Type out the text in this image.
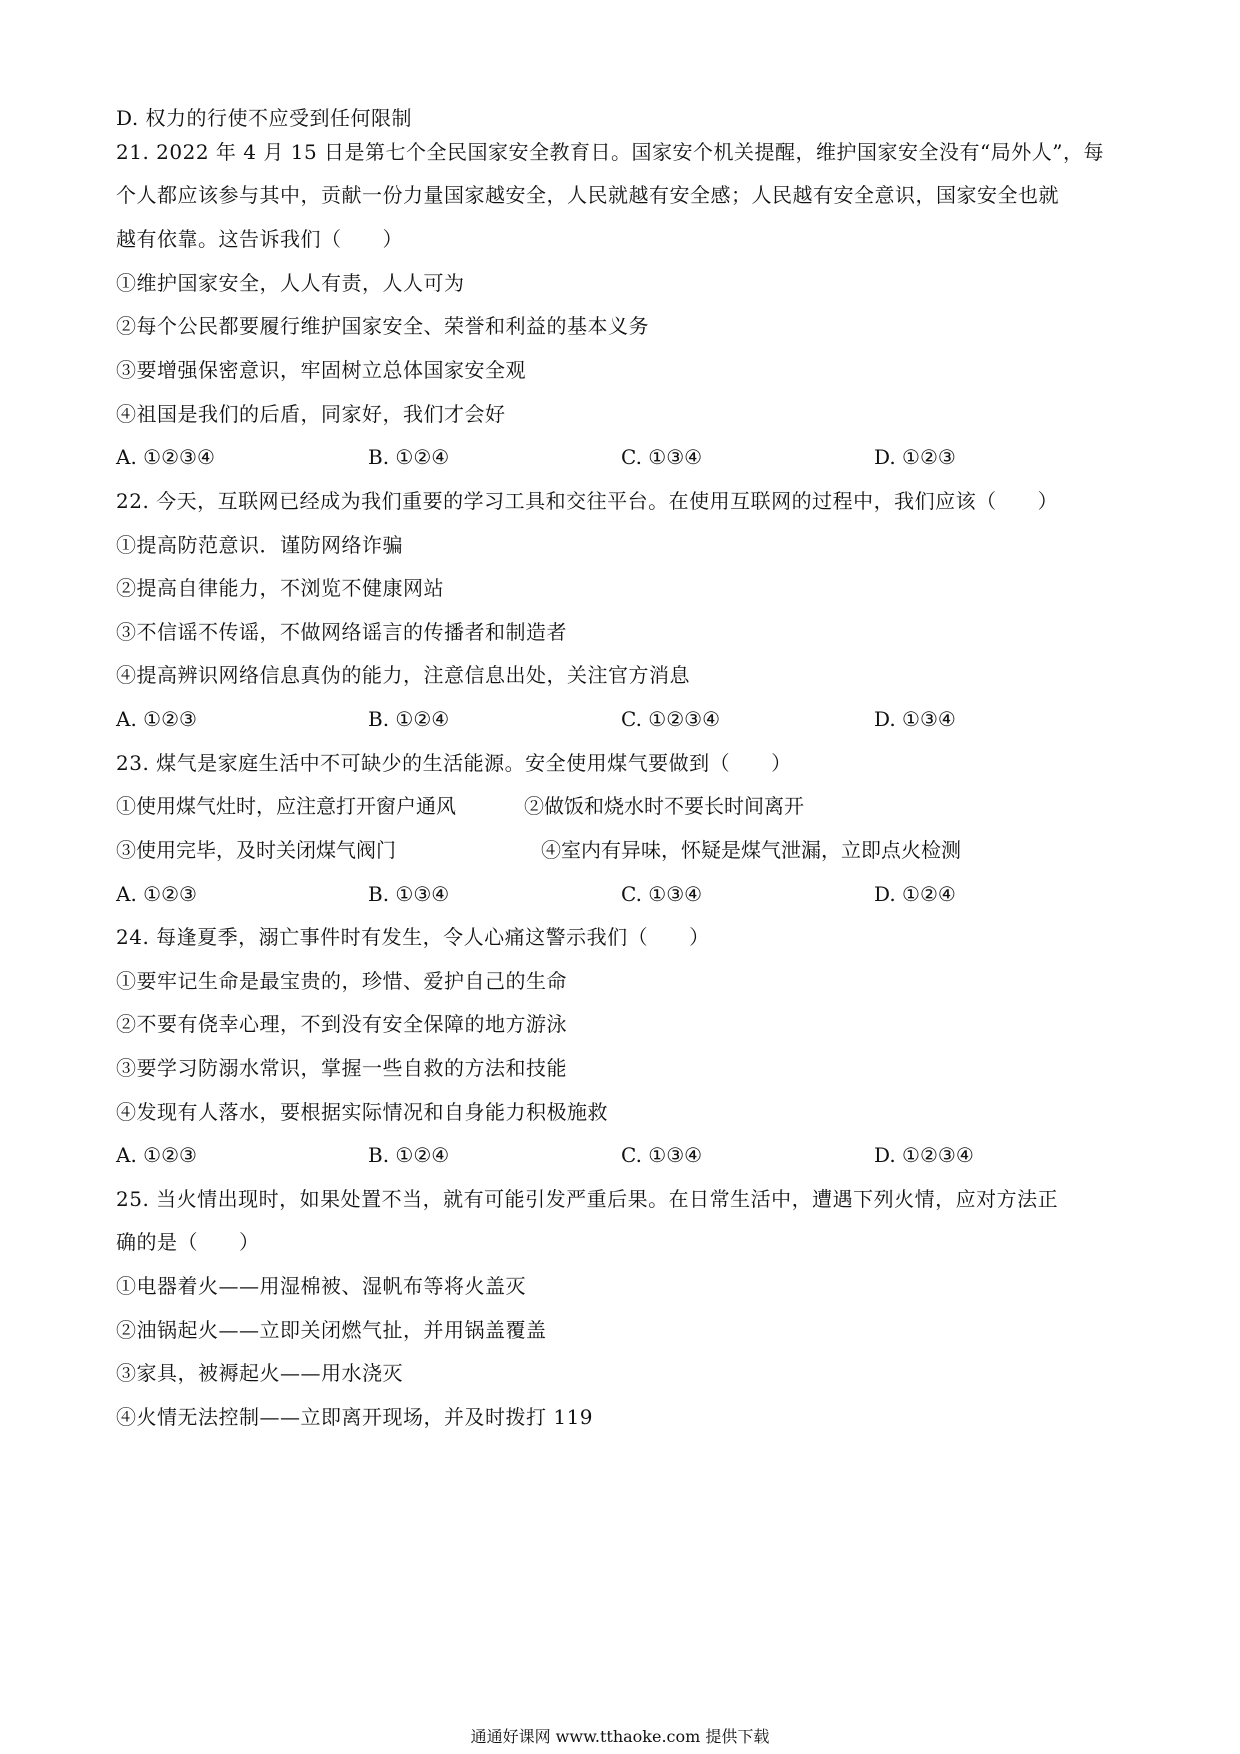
D. 权力的行使不应受到任何限制
21. 2022 年 4 月 15 日是第七个全民国家安全教育日。国家安个机关提醒，维护国家安全没有“局外人”，每
个人都应该参与其中，贡献一份力量国家越安全，人民就越有安全感；人民越有安全意识，国家安全也就
越有依靠。这告诉我们（　　）
①维护国家安全，人人有责，人人可为
②每个公民都要履行维护国家安全、荣誉和利益的基本义务
③要增强保密意识，牢固树立总体国家安全观
④祖国是我们的后盾，同家好，我们才会好
A. ①②③④	B. ①②④	C. ①③④	D. ①②③
22. 今天，互联网已经成为我们重要的学习工具和交往平台。在使用互联网的过程中，我们应该（　　）
①提高防范意识．谨防网络诈骗
②提高自律能力，不浏览不健康网站
③不信谣不传谣，不做网络谣言的传播者和制造者
④提高辨识网络信息真伪的能力，注意信息出处，关注官方消息
A. ①②③	B. ①②④	C. ①②③④	D. ①③④
23. 煤气是家庭生活中不可缺少的生活能源。安全使用煤气要做到（　　）
①使用煤气灶时，应注意打开窗户通风	②做饭和烧水时不要长时间离开
③使用完毕，及时关闭煤气阀门	④室内有异味，怀疑是煤气泄漏，立即点火检测
A. ①②③	B. ①③④	C. ①③④	D. ①②④
24. 每逢夏季，溺亡事件时有发生，令人心痛这警示我们（　　）
①要牢记生命是最宝贵的，珍惜、爱护自己的生命
②不要有侥幸心理，不到没有安全保障的地方游泳
③要学习防溺水常识，掌握一些自救的方法和技能
④发现有人落水，要根据实际情况和自身能力积极施救
A. ①②③	B. ①②④	C. ①③④	D. ①②③④
25. 当火情出现时，如果处置不当，就有可能引发严重后果。在日常生活中，遭遇下列火情，应对方法正
确的是（　　）
①电器着火——用湿棉被、湿帆布等将火盖灭
②油锅起火——立即关闭燃气扯，并用锅盖覆盖
③家具，被褥起火——用水浇灭
④火情无法控制——立即离开现场，并及时拨打 119
通通好课网 www.tthaoke.com 提供下载
